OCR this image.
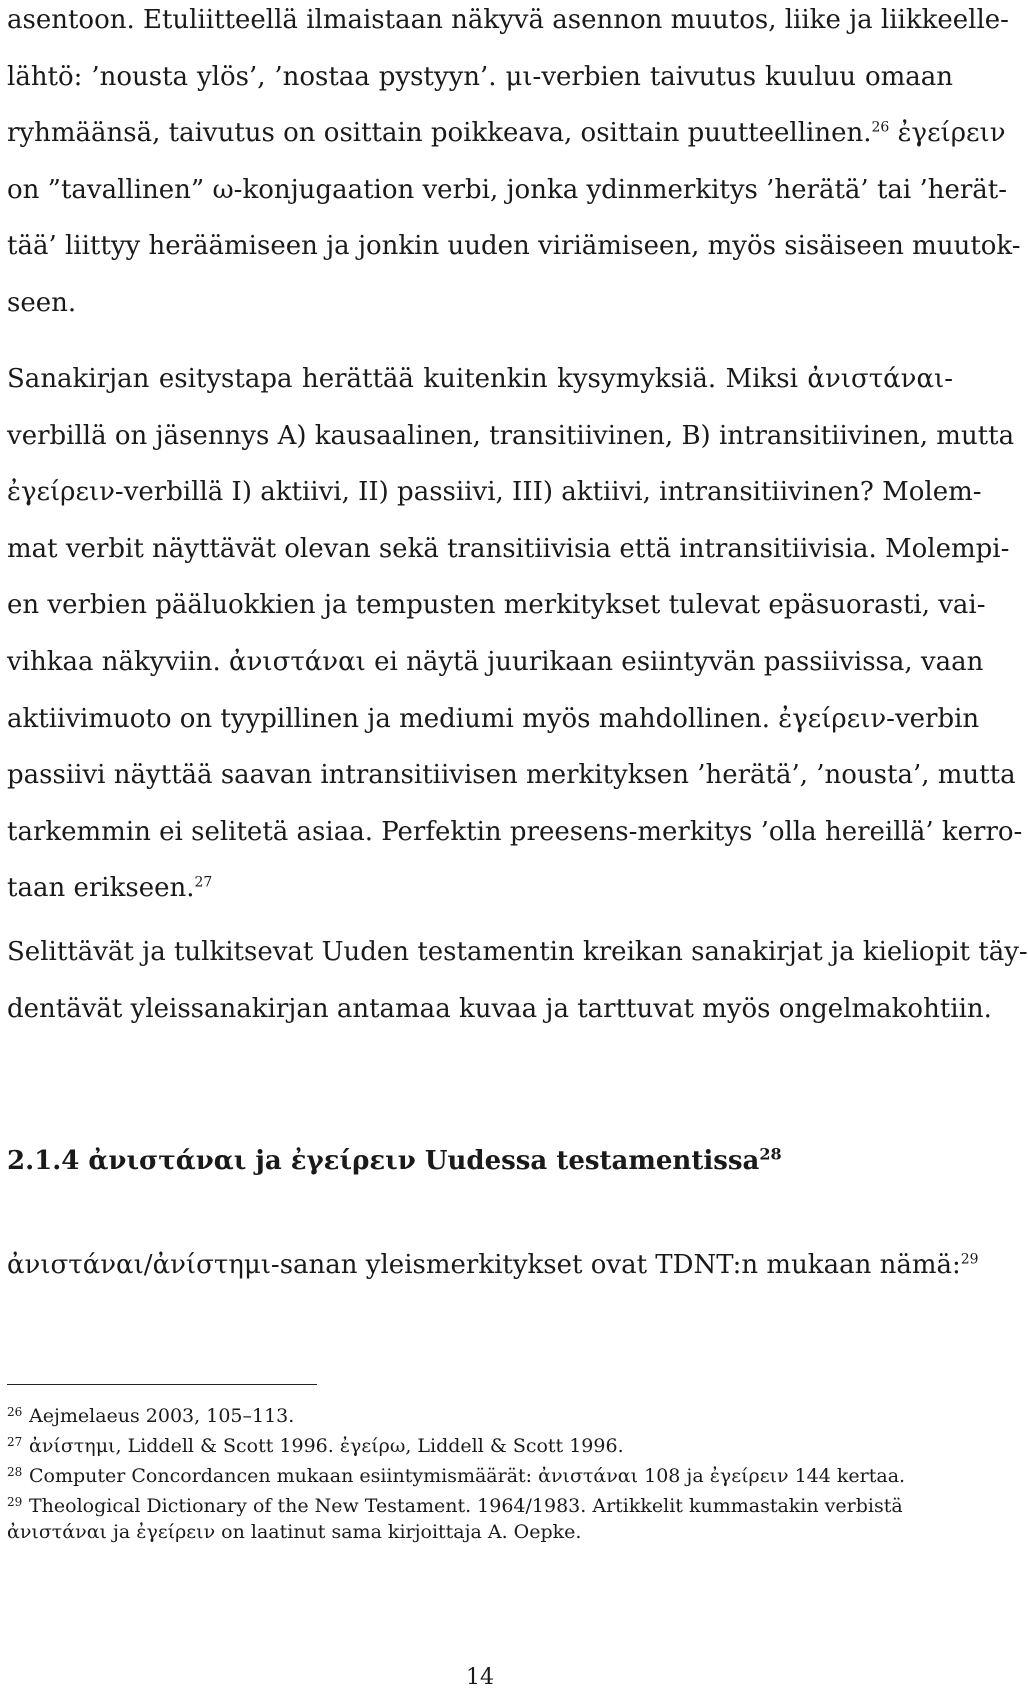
asentoon. Etuliitteellä ilmaistaan näkyvä asennon muutos, liike ja liikkeelle-
lähtö: ’nousta ylös’, ’nostaa pystyyn’. μι-verbien taivutus kuuluu omaan
ryhmäänsä, taivutus on osittain poikkeava, osittain puutteellinen.$^{26}$ ἐγείρειν
on ”tavallinen” ω-konjugaation verbi, jonka ydinmerkitys ’herätä’ tai ’herät-
tää’ liittyy heräämiseen ja jonkin uuden viriämiseen, myös sisäiseen muutok-
seen.
Sanakirjan esitystapa herättää kuitenkin kysymyksiä. Miksi ἀνιστάναι-
verbillä on jäsennys A) kausaalinen, transitiivinen, B) intransitiivinen, mutta
ἐγείρειν-verbillä I) aktiivi, II) passiivi, III) aktiivi, intransitiivinen? Molem-
mat verbit näyttävät olevan sekä transitiivisia että intransitiivisia. Molempi-
en verbien pääluokkien ja tempusten merkitykset tulevat epäsuorasti, vai-
vihkaa näkyviin. ἀνιστάναι ei näytä juurikaan esiintyvän passiivissa, vaan
aktiivimuoto on tyypillinen ja mediumi myös mahdollinen. ἐγείρειν-verbin
passiivi näyttää saavan intransitiivisen merkityksen ’herätä’, ’nousta’, mutta
tarkemmin ei selitetä asiaa. Perfektin preesens-merkitys ’olla hereillä’ kerro-
taan erikseen.$^{27}$
Selittävät ja tulkitsevat Uuden testamentin kreikan sanakirjat ja kieliopit täy-
dentävät yleissanakirjan antamaa kuvaa ja tarttuvat myös ongelmakohtiin.
2.1.4 ἀνιστάναι ja ἐγείρειν Uudessa testamentissa$^{28}$

ἀνιστάναι/ἀνίστημι-sanan yleismerkitykset ovat TDNT:n mukaan nämä:$^{29}$

26 Aejmelaeus 2003, 105–113.

27 ἀνίστημι, Liddell & Scott 1996. ἐγείρω, Liddell & Scott 1996.

28 Computer Concordancen mukaan esiintymismäärät: ἀνιστάναι 108 ja ἐγείρειν 144 kertaa.

29 Theological Dictionary of the New Testament. 1964/1983. Artikkelit kummastakin verbistä

ἀνιστάναι ja ἐγείρειν on laatinut sama kirjoittaja A. Oepke.

14
